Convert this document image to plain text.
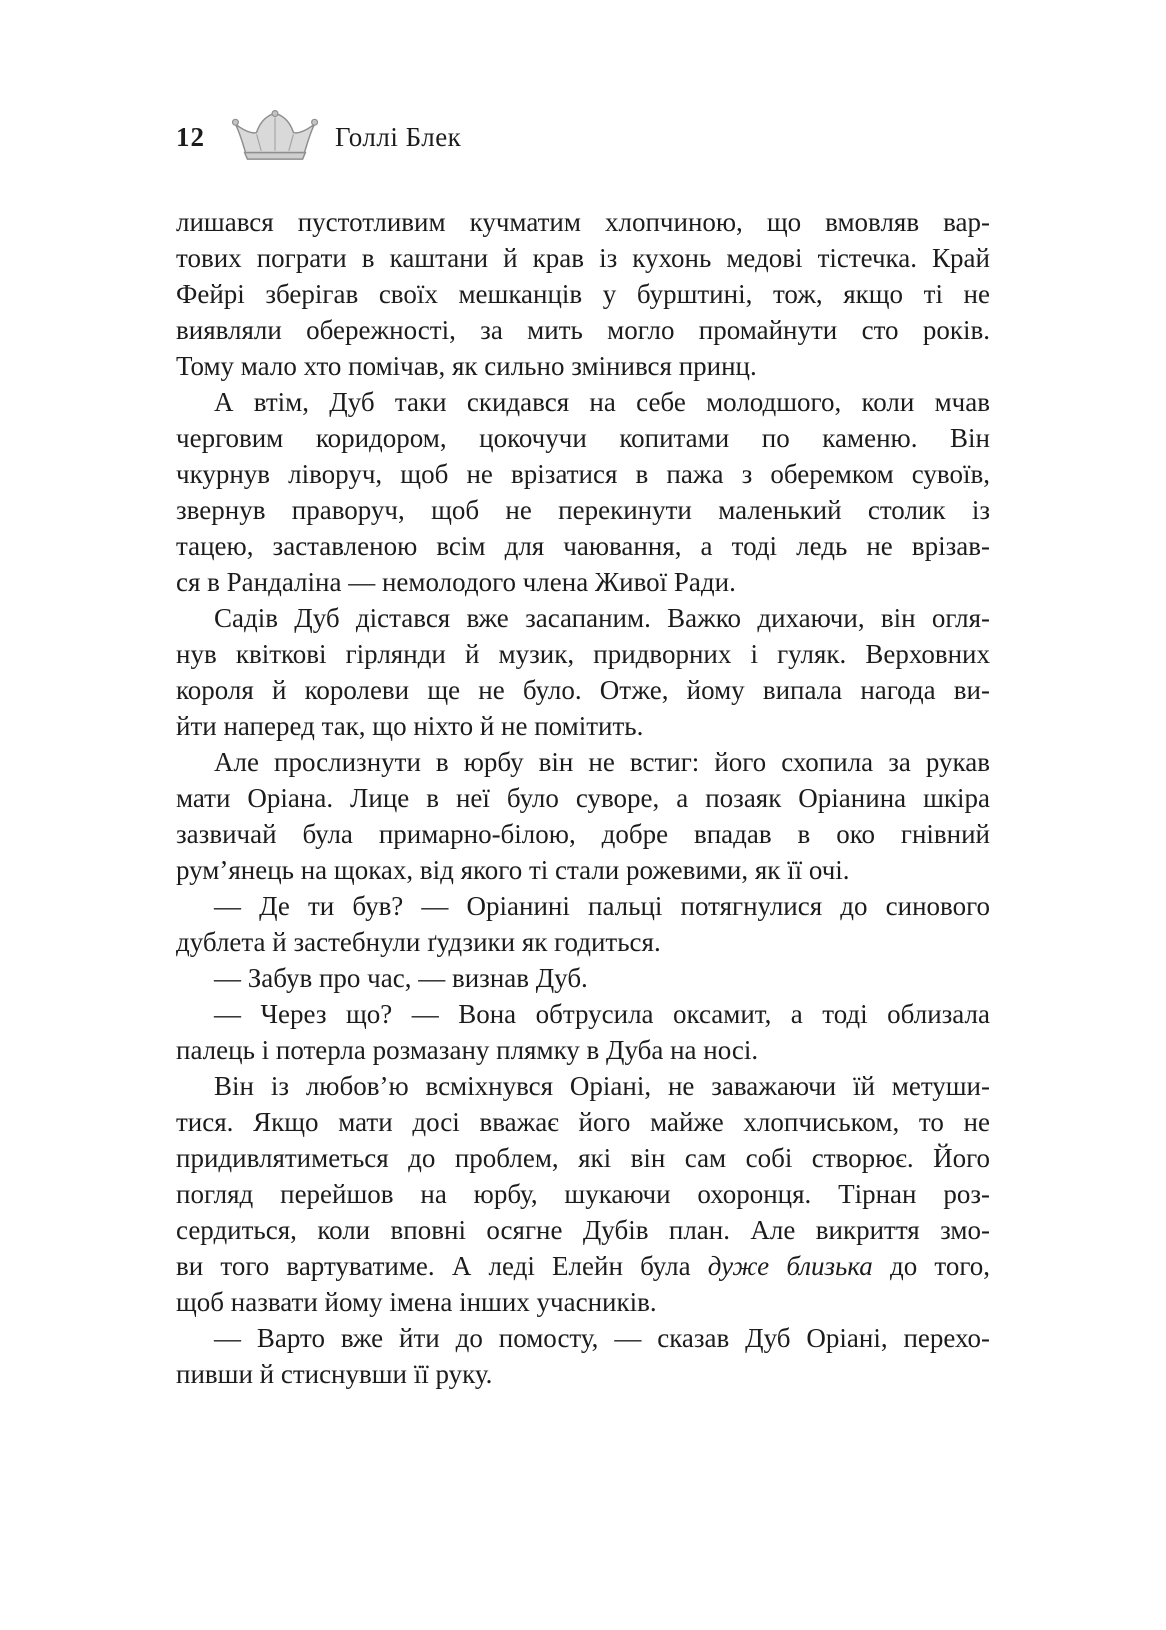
12	Голлі Блек
лишався пустотливим кучматим хлопчиною, що вмовляв вар-
тових пограти в каштани й крав із кухонь медові тістечка. Край
Фейрі зберігав своїх мешканців у бурштині, тож, якщо ті не
виявляли обережності, за мить могло промайнути сто років.
Тому мало хто помічав, як сильно змінився принц.
А втім, Дуб таки скидався на себе молодшого, коли мчав
черговим коридором, цокочучи копитами по каменю. Він
чкурнув ліворуч, щоб не врізатися в пажа з оберемком сувоїв,
звернув праворуч, щоб не перекинути маленький столик із
тацею, заставленою всім для чаювання, а тоді ледь не врізав-
ся в Рандаліна — немолодого члена Живої Ради.
Садів Дуб дістався вже засапаним. Важко дихаючи, він огля-
нув квіткові гірлянди й музик, придворних і гуляк. Верховних
короля й королеви ще не було. Отже, йому випала нагода ви-
йти наперед так, що ніхто й не помітить.
Але прослизнути в юрбу він не встиг: його схопила за рукав
мати Оріана. Лице в неї було суворе, а позаяк Оріанина шкіра
зазвичай була примарно-білою, добре впадав в око гнівний
рум’янець на щоках, від якого ті стали рожевими, як її очі.
— Де ти був? — Оріанині пальці потягнулися до синового
дублета й застебнули ґудзики як годиться.
— Забув про час, — визнав Дуб.
— Через що? — Вона обтрусила оксамит, а тоді облизала
палець і потерла розмазану плямку в Дуба на носі.
Він із любов’ю всміхнувся Оріані, не заважаючи їй метуши-
тися. Якщо мати досі вважає його майже хлопчиськом, то не
придивлятиметься до проблем, які він сам собі створює. Його
погляд перейшов на юрбу, шукаючи охоронця. Тірнан роз-
сердиться, коли вповні осягне Дубів план. Але викриття змо-
ви того вартуватиме. А леді Елейн була дуже близька до того,
щоб назвати йому імена інших учасників.
— Варто вже йти до помосту, — сказав Дуб Оріані, перехо-
пивши й стиснувши її руку.
